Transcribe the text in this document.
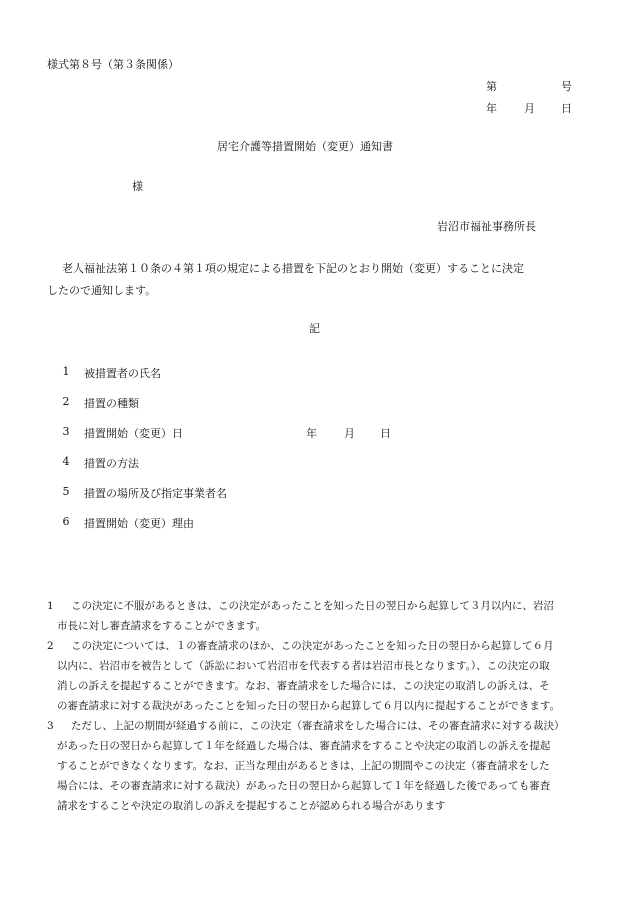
様式第８号（第３条関係）
第	号
年 月 日
居宅介護等措置開始（変更）通知書
様
岩沼市福祉事務所長
老人福祉法第１０条の４第１項の規定による措置を下記のとおり開始（変更）することに決定
したので通知します。
記
1	被措置者の氏名
2	措置の種類
3	措置開始（変更）日	年 月 日
4	措置の方法
5	措置の場所及び指定事業者名
6	措置開始（変更）理由
1 この決定に不服があるときは、この決定があったことを知った日の翌日から起算して３月以内に、岩沼
市長に対し審査請求をすることができます。
2 この決定については、１の審査請求のほか、この決定があったことを知った日の翌日から起算して６月
以内に、岩沼市を被告として（訴訟において岩沼市を代表する者は岩沼市長となります。）、この決定の取
消しの訴えを提起することができます。なお、審査請求をした場合には、この決定の取消しの訴えは、そ
の審査請求に対する裁決があったことを知った日の翌日から起算して６月以内に提起することができます。
3 ただし、上記の期間が経過する前に、この決定（審査請求をした場合には、その審査請求に対する裁決）
があった日の翌日から起算して１年を経過した場合は、審査請求をすることや決定の取消しの訴えを提起
することができなくなります。なお、正当な理由があるときは、上記の期間やこの決定（審査請求をした
場合には、その審査請求に対する裁決）があった日の翌日から起算して１年を経過した後であっても審査
請求をすることや決定の取消しの訴えを提起することが認められる場合があります
